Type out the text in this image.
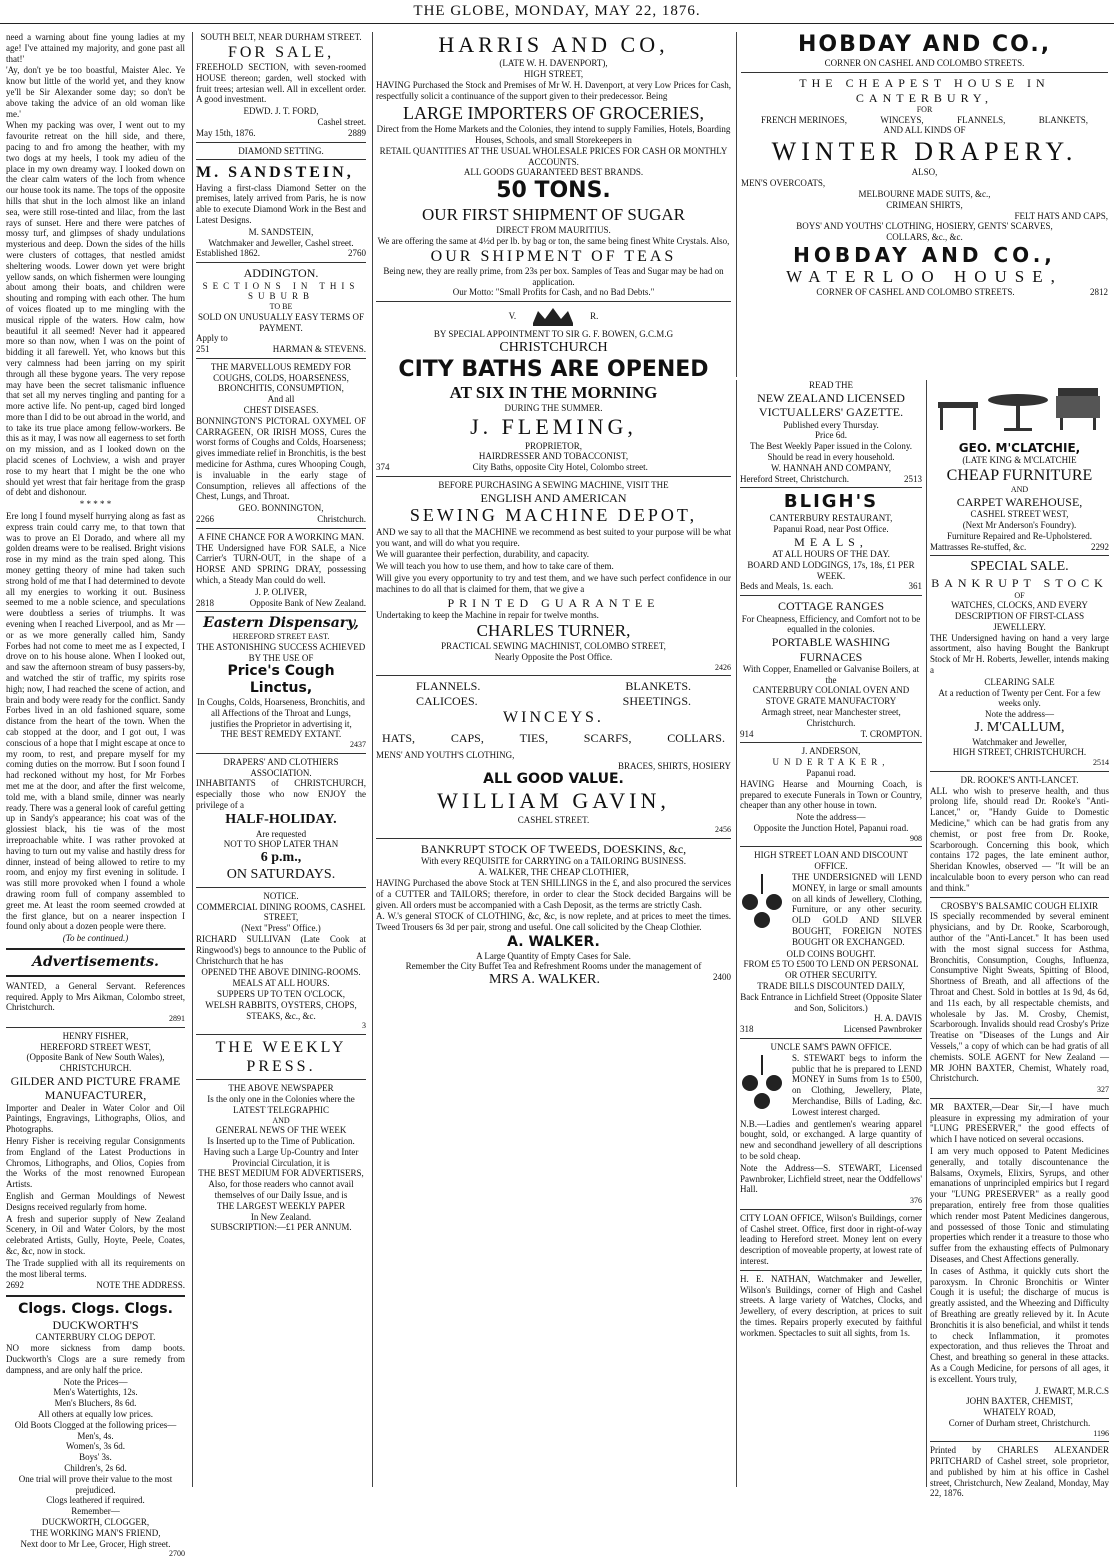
THE GLOBE, MONDAY, MAY 22, 1876.

need a warning about fine young ladies at my age! I've attained my majority, and gone past all that!'

'Ay, don't ye be too boastful, Maister Alec. Ye know but little of the world yet, and they know ye'll be Sir Alexander some day; so don't be above taking the advice of an old woman like me.'

When my packing was over, I went out to my favourite retreat on the hill side, and there, pacing to and fro among the heather, with my two dogs at my heels, I took my adieu of the place in my own dreamy way. I looked down on the clear calm waters of the loch from whence our house took its name. The tops of the opposite hills that shut in the loch almost like an inland sea, were still rose-tinted and lilac, from the last rays of sunset. Here and there were patches of mossy turf, and glimpses of shady undulations mysterious and deep. Down the sides of the hills were clusters of cottages, that nestled amidst sheltering woods. Lower down yet were bright yellow sands, on which fishermen were lounging about among their boats, and children were shouting and romping with each other. The hum of voices floated up to me mingling with the musical ripple of the waters. How calm, how beautiful it all seemed! Never had it appeared more so than now, when I was on the point of bidding it all farewell. Yet, who knows but this very calmness had been jarring on my spirit through all these bygone years. The very repose may have been the secret talismanic influence that set all my nerves tingling and panting for a more active life. No pent-up, caged bird longed more than I did to be out abroad in the world, and to take its true place among fellow-workers. Be this as it may, I was now all eagerness to set forth on my mission, and as I looked down on the placid scenes of Lochview, a wish and prayer rose to my heart that I might be the one who should yet wrest that fair heritage from the grasp of debt and dishonour.

* * * * *

Ere long I found myself hurrying along as fast as express train could carry me, to that town that was to prove an El Dorado, and where all my golden dreams were to be realised. Bright visions rose in my mind as the train sped along. This money getting theory of mine had taken such strong hold of me that I had determined to devote all my energies to working it out. Business seemed to me a noble science, and speculations were doubtless a series of triumphs. It was evening when I reached Liverpool, and as Mr — or as we more generally called him, Sandy Forbes had not come to meet me as I expected, I drove on to his house alone. When I looked out, and saw the afternoon stream of busy passers-by, and watched the stir of traffic, my spirits rose high; now, I had reached the scene of action, and brain and body were ready for the conflict. Sandy Forbes lived in an old fashioned square, some distance from the heart of the town. When the cab stopped at the door, and I got out, I was conscious of a hope that I might escape at once to my room, to rest, and prepare myself for my coming duties on the morrow. But I soon found I had reckoned without my host, for Mr Forbes met me at the door, and after the first welcome, told me, with a bland smile, dinner was nearly ready. There was a general look of careful getting up in Sandy's appearance; his coat was of the glossiest black, his tie was of the most irreproachable white. I was rather provoked at having to turn out my valise and hastily dress for dinner, instead of being allowed to retire to my room, and enjoy my first evening in solitude. I was still more provoked when I found a whole drawing room full of company assembled to greet me. At least the room seemed crowded at the first glance, but on a nearer inspection I found only about a dozen people were there.

(To be continued.)

Advertisements.

WANTED, a General Servant. References required. Apply to Mrs Aikman, Colombo street, Christchurch.

2891
HENRY FISHER,
HEREFORD STREET WEST,
(Opposite Bank of New South Wales),
CHRISTCHURCH.
GILDER AND PICTURE FRAME MANUFACTURER,

Importer and Dealer in Water Color and Oil Paintings, Engravings, Lithographs, Olios, and Photographs.

Henry Fisher is receiving regular Consignments from England of the Latest Productions in Chromos, Lithographs, and Olios, Copies from the Works of the most renowned European Artists.

English and German Mouldings of Newest Designs received regularly from home.

A fresh and superior supply of New Zealand Scenery, in Oil and Water Colors, by the most celebrated Artists, Gully, Hoyte, Peele, Coates, &c, &c, now in stock.

The Trade supplied with all its requirements on the most liberal terms.

2692	NOTE THE ADDRESS.
Clogs. Clogs. Clogs.
DUCKWORTH'S
CANTERBURY CLOG DEPOT.

NO more sickness from damp boots. Duckworth's Clogs are a sure remedy from dampness, and are only half the price.

Note the Prices—
Men's Watertights, 12s.
Men's Bluchers, 8s 6d.
All others at equally low prices.
Old Boots Clogged at the following prices—
Men's, 4s.
Women's, 3s 6d.
Boys' 3s.
Children's, 2s 6d.
One trial will prove their value to the most prejudiced.
Clogs leathered if required.
Remember—
DUCKWORTH, CLOGGER,
THE WORKING MAN'S FRIEND,
Next door to Mr Lee, Grocer, High street.
2700
SOUTH BELT, NEAR DURHAM STREET.
FOR SALE,

FREEHOLD SECTION, with seven-roomed HOUSE thereon; garden, well stocked with fruit trees; artesian well. All in excellent order. A good investment.

EDWD. J. T. FORD,
Cashel street.
May 15th, 1876.	2889
DIAMOND SETTING.
M. SANDSTEIN,

Having a first-class Diamond Setter on the premises, lately arrived from Paris, he is now able to execute Diamond Work in the Best and Latest Designs.

M. SANDSTEIN,
Watchmaker and Jeweller, Cashel street.
Established 1862.	2760
ADDINGTON.
SECTIONS IN THIS SUBURB
TO BE
SOLD ON UNUSUALLY EASY TERMS OF PAYMENT.
Apply to
251	HARMAN & STEVENS.
THE MARVELLOUS REMEDY FOR COUGHS, COLDS, HOARSENESS, BRONCHITIS, CONSUMPTION,
And all
CHEST DISEASES.

BONNINGTON'S PICTORAL OXYMEL OF CARRAGEEN, OR IRISH MOSS, Cures the worst forms of Coughs and Colds, Hoarseness; gives immediate relief in Bronchitis, is the best medicine for Asthma, cures Whooping Cough, is invaluable in the early stage of Consumption, relieves all affections of the Chest, Lungs, and Throat.

GEO. BONNINGTON,
2266	Christchurch.
A FINE CHANCE FOR A WORKING MAN.

THE Undersigned have FOR SALE, a Nice Carrier's TURN-OUT, in the shape of a HORSE AND SPRING DRAY, possessing which, a Steady Man could do well.

J. P. OLIVER,
2818	Opposite Bank of New Zealand.
Eastern Dispensary,
HEREFORD STREET EAST.
THE ASTONISHING SUCCESS ACHIEVED BY THE USE OF
Price's Cough Linctus,
In Coughs, Colds, Hoarseness, Bronchitis, and all Affections of the Throat and Lungs, justifies the Proprietor in advertising it,
THE BEST REMEDY EXTANT.
2437
DRAPERS' AND CLOTHIERS ASSOCIATION.

INHABITANTS of CHRISTCHURCH, especially those who now ENJOY the privilege of a

HALF-HOLIDAY.
Are requested
NOT TO SHOP LATER THAN
6 p.m.,
ON SATURDAYS.
NOTICE.
COMMERCIAL DINING ROOMS, CASHEL STREET,
(Next "Press" Office.)

RICHARD SULLIVAN (Late Cook at Ringwood's) begs to announce to the Public of Christchurch that he has

OPENED THE ABOVE DINING-ROOMS.
MEALS AT ALL HOURS.
SUPPERS UP TO TEN O'CLOCK,
WELSH RABBITS, OYSTERS, CHOPS, STEAKS, &c., &c.
3
THE WEEKLY PRESS.
THE ABOVE NEWSPAPER
Is the only one in the Colonies where the
LATEST TELEGRAPHIC
AND
GENERAL NEWS OF THE WEEK
Is Inserted up to the Time of Publication.
Having such a Large Up-Country and Inter Provincial Circulation, it is
THE BEST MEDIUM FOR ADVERTISERS,
Also, for those readers who cannot avail themselves of our Daily Issue, and is
THE LARGEST WEEKLY PAPER
In New Zealand.
SUBSCRIPTION:—£1 PER ANNUM.
HARRIS AND CO,
(LATE W. H. DAVENPORT),
HIGH STREET,

HAVING Purchased the Stock and Premises of Mr W. H. Davenport, at very Low Prices for Cash, respectfully solicit a continuance of the support given to their predecessor. Being

LARGE IMPORTERS OF GROCERIES,
Direct from the Home Markets and the Colonies, they intend to supply Families, Hotels, Boarding Houses, Schools, and small Storekeepers in
RETAIL QUANTITIES AT THE USUAL WHOLESALE PRICES FOR CASH OR MONTHLY ACCOUNTS.
ALL GOODS GUARANTEED BEST BRANDS.
50 TONS.
OUR FIRST SHIPMENT OF SUGAR
DIRECT FROM MAURITIUS.
We are offering the same at 4½d per lb. by bag or ton, the same being finest White Crystals. Also,
OUR SHIPMENT OF TEAS
Being new, they are really prime, from 23s per box. Samples of Teas and Sugar may be had on application.
Our Motto: "Small Profits for Cash, and no Bad Debts."
V.	R.
BY SPECIAL APPOINTMENT TO SIR G. F. BOWEN, G.C.M.G
CHRISTCHURCH
CITY BATHS ARE OPENED
AT SIX IN THE MORNING
DURING THE SUMMER.
J. FLEMING,
PROPRIETOR,
HAIRDRESSER AND TOBACCONIST,
374	City Baths, opposite City Hotel, Colombo street.
BEFORE PURCHASING A SEWING MACHINE, VISIT THE
ENGLISH AND AMERICAN
SEWING MACHINE DEPOT,

AND we say to all that the MACHINE we recommend as best suited to your purpose will be what you want, and will do what you require.

We will guarantee their perfection, durability, and capacity.

We will teach you how to use them, and how to take care of them.

Will give you every opportunity to try and test them, and we have such perfect confidence in our machines to do all that is claimed for them, that we give a

PRINTED GUARANTEE
Undertaking to keep the Machine in repair for twelve months.
CHARLES TURNER,
PRACTICAL SEWING MACHINIST, COLOMBO STREET,
Nearly Opposite the Post Office.
2426
FLANNELS.	BLANKETS.
CALICOES.	SHEETINGS.
WINCEYS.
HATS,	CAPS,	TIES,	SCARFS,	COLLARS.
MENS' AND YOUTH'S CLOTHING,
BRACES, SHIRTS, HOSIERY
ALL GOOD VALUE.
WILLIAM GAVIN,
CASHEL STREET.
2456
BANKRUPT STOCK OF TWEEDS, DOESKINS, &c,
With every REQUISITE for CARRYING on a TAILORING BUSINESS.
A. WALKER, THE CHEAP CLOTHIER,

HAVING Purchased the above Stock at TEN SHILLINGS in the £, and also procured the services of a CUTTER and TAILORS; therefore, in order to clear the Stock decided Bargains will be given. All orders must be accompanied with a Cash Deposit, as the terms are strictly Cash.

A. W.'s general STOCK of CLOTHING, &c, &c, is now replete, and at prices to meet the times. Tweed Trousers 6s 3d per pair, strong and useful. One call solicited by the Cheap Clothier.

A. WALKER.
A Large Quantity of Empty Cases for Sale.
Remember the City Buffet Tea and Refreshment Rooms under the management of
MRS A. WALKER.	2400
HOBDAY AND CO.,
CORNER ON CASHEL AND COLOMBO STREETS.
THE CHEAPEST HOUSE IN CANTERBURY,
FOR
FRENCH MERINOES,	WINCEYS,	FLANNELS,	BLANKETS,
AND ALL KINDS OF
WINTER DRAPERY.
ALSO,
MEN'S OVERCOATS,
MELBOURNE MADE SUITS, &c.,
CRIMEAN SHIRTS,
FELT HATS AND CAPS,
BOYS' AND YOUTHS' CLOTHING, HOSIERY, GENTS' SCARVES,
COLLARS, &c., &c.
HOBDAY AND CO.,
WATERLOO HOUSE,
CORNER OF CASHEL AND COLOMBO STREETS.	2812
READ THE
NEW ZEALAND LICENSED VICTUALLERS' GAZETTE.
Published every Thursday.
Price 6d.
The Best Weekly Paper issued in the Colony. Should be read in every household.
W. HANNAH AND COMPANY,
Hereford Street, Christchurch.	2513
BLIGH'S
CANTERBURY RESTAURANT,
Papanui Road, near Post Office.
MEALS,
AT ALL HOURS OF THE DAY.
BOARD AND LODGINGS, 17s, 18s, £1 PER WEEK.
Beds and Meals, 1s. each.	361
COTTAGE RANGES
For Cheapness, Efficiency, and Comfort not to be equalled in the colonies.
PORTABLE WASHING FURNACES
With Copper, Enamelled or Galvanise Boilers, at the
CANTERBURY COLONIAL OVEN AND STOVE GRATE MANUFACTORY
Armagh street, near Manchester street, Christchurch.
914	T. CROMPTON.
J. ANDERSON,
UNDERTAKER,
Papanui road.

HAVING Hearse and Mourning Coach, is prepared to execute Funerals in Town or Country, cheaper than any other house in town.

Note the address—
Opposite the Junction Hotel, Papanui road.
908
HIGH STREET LOAN AND DISCOUNT OFFICE.

THE UNDERSIGNED will LEND MONEY, in large or small amounts on all kinds of Jewellery, Clothing, Furniture, or any other security. OLD GOLD AND SILVER BOUGHT, FOREIGN NOTES BOUGHT OR EXCHANGED.

OLD COINS BOUGHT.
FROM £5 TO £500 TO LEND ON PERSONAL OR OTHER SECURITY.
TRADE BILLS DISCOUNTED DAILY,
Back Entrance in Lichfield Street (Opposite Slater and Son, Solicitors.)
H. A. DAVIS
318	Licensed Pawnbroker
UNCLE SAM'S PAWN OFFICE.

S. STEWART begs to inform the public that he is prepared to LEND MONEY in Sums from 1s to £500, on Clothing, Jewellery, Plate, Merchandise, Bills of Lading, &c. Lowest interest charged.

N.B.—Ladies and gentlemen's wearing apparel bought, sold, or exchanged. A large quantity of new and secondhand jewellery of all descriptions to be sold cheap.

Note the Address—S. STEWART, Licensed Pawnbroker, Lichfield street, near the Oddfellows' Hall.

376

CITY LOAN OFFICE, Wilson's Buildings, corner of Cashel street. Office, first door in right-of-way leading to Hereford street. Money lent on every description of moveable property, at lowest rate of interest.

H. E. NATHAN, Watchmaker and Jeweller, Wilson's Buildings, corner of High and Cashel streets. A large variety of Watches, Clocks, and Jewellery, of every description, at prices to suit the times. Repairs properly executed by faithful workmen. Spectacles to suit all sights, from 1s.

GEO. M'CLATCHIE,
(LATE KING & M'CLATCHIE
CHEAP FURNITURE
AND
CARPET WAREHOUSE,
CASHEL STREET WEST,
(Next Mr Anderson's Foundry).
Furniture Repaired and Re-Upholstered.
Mattrasses Re-stuffed, &c.	2292
SPECIAL SALE.
BANKRUPT STOCK
OF
WATCHES, CLOCKS, AND EVERY DESCRIPTION OF FIRST-CLASS JEWELLERY.

THE Undersigned having on hand a very large assortment, also having Bought the Bankrupt Stock of Mr H. Roberts, Jeweller, intends making a

CLEARING SALE
At a reduction of Twenty per Cent. For a few weeks only.
Note the address—
J. M'CALLUM,
Watchmaker and Jeweller,
HIGH STREET, CHRISTCHURCH.
2514
DR. ROOKE'S ANTI-LANCET.

ALL who wish to preserve health, and thus prolong life, should read Dr. Rooke's "Anti-Lancet," or, "Handy Guide to Domestic Medicine," which can be had gratis from any chemist, or post free from Dr. Rooke, Scarborough. Concerning this book, which contains 172 pages, the late eminent author, Sheridan Knowles, observed — "It will be an incalculable boon to every person who can read and think."

CROSBY'S BALSAMIC COUGH ELIXIR

IS specially recommended by several eminent physicians, and by Dr. Rooke, Scarborough, author of the "Anti-Lancet." It has been used with the most signal success for Asthma, Bronchitis, Consumption, Coughs, Influenza, Consumptive Night Sweats, Spitting of Blood, Shortness of Breath, and all affections of the Throat and Chest. Sold in bottles at 1s 9d, 4s 6d, and 11s each, by all respectable chemists, and wholesale by Jas. M. Crosby, Chemist, Scarborough. Invalids should read Crosby's Prize Treatise on "Diseases of the Lungs and Air Vessels," a copy of which can be had gratis of all chemists. SOLE AGENT for New Zealand — MR JOHN BAXTER, Chemist, Whately road, Christchurch.

327

MR BAXTER,—Dear Sir,—I have much pleasure in expressing my admiration of your "LUNG PRESERVER," the good effects of which I have noticed on several occasions.

I am very much opposed to Patent Medicines generally, and totally discountenance the Balsams, Oxymels, Elixirs, Syrups, and other emanations of unprincipled empirics but I regard your "LUNG PRESERVER" as a really good preparation, entirely free from those qualities which render most Patent Medicines dangerous, and possessed of those Tonic and stimulating properties which render it a treasure to those who suffer from the exhausting effects of Pulmonary Diseases, and Chest Affections generally.

In cases of Asthma, it quickly cuts short the paroxysm. In Chronic Bronchitis or Winter Cough it is useful; the discharge of mucus is greatly assisted, and the Wheezing and Difficulty of Breathing are greatly relieved by it. In Acute Bronchitis it is also beneficial, and whilst it tends to check Inflammation, it promotes expectoration, and thus relieves the Throat and Chest, and breathing so general in these attacks. As a Cough Medicine, for persons of all ages, it is excellent. Yours truly,

J. EWART, M.R.C.S
JOHN BAXTER, CHEMIST,
WHATELY ROAD,
Corner of Durham street, Christchurch.
1196

Printed by CHARLES ALEXANDER PRITCHARD of Cashel street, sole proprietor, and published by him at his office in Cashel street, Christchurch, New Zealand, Monday, May 22, 1876.
